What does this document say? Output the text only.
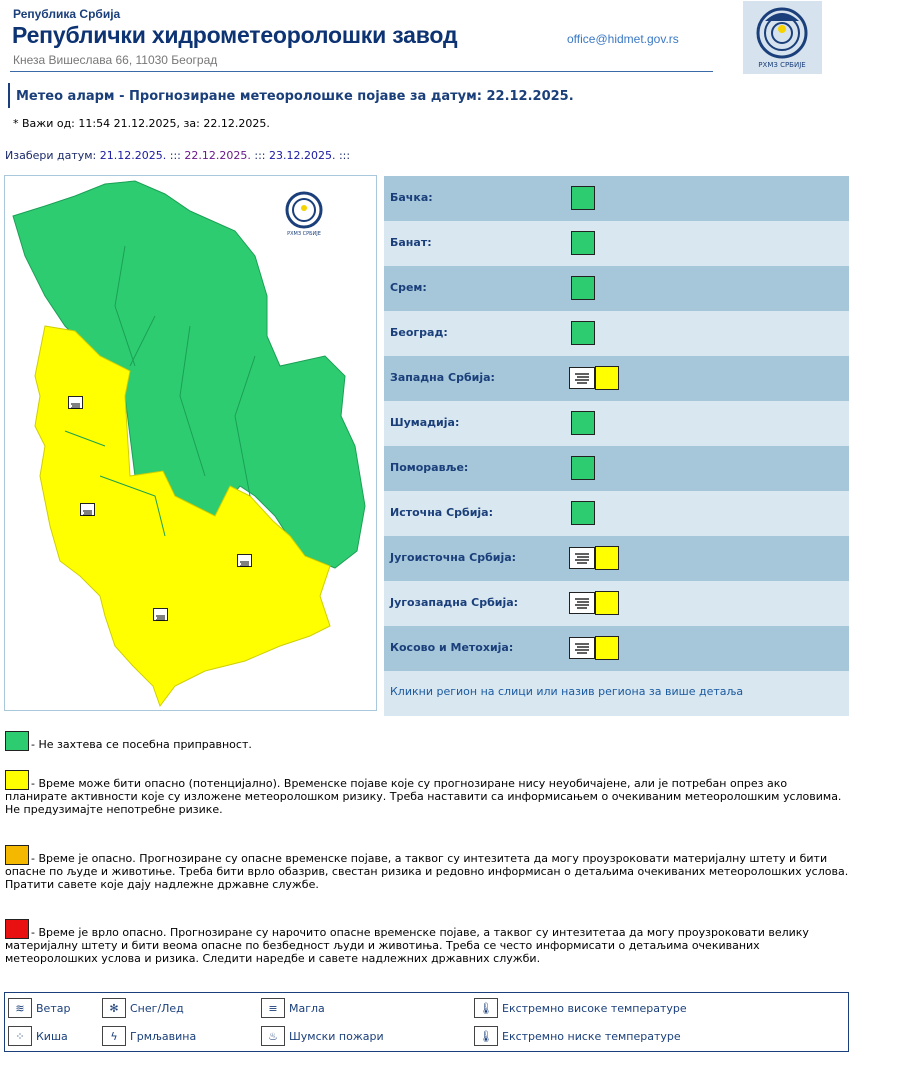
Република Србија
Републички хидрометеоролошки завод
Кнеза Вишеслава 66, 11030 Београд
office@hidmet.gov.rs
РХМЗ СРБИЈЕ
Метео аларм - Прогнозиране метеоролошке појаве за датум: 22.12.2025.
* Важи од: 11:54 21.12.2025, за: 22.12.2025.
Изабери датум: 21.12.2025. ::: 22.12.2025. ::: 23.12.2025. :::
РХМЗ СРБИЈЕ
Бачка:
Банат:
Срем:
Београд:
Западна Србија:
Шумадија:
Поморавље:
Источна Србија:
Југоисточна Србија:
Југозападна Србија:
Косово и Метохија:
Кликни регион на слици или назив региона за више детаља
- Не захтева се посебна приправност.
- Време може бити опасно (потенцијално). Временске појаве које су прогнозиране нису неуобичајене, али је потребан опрез ако планирате активности које су изложене метеоролошком ризику. Треба наставити са информисањем о очекиваним метеоролошким условима. Не предузимајте непотребне ризике.
- Време је опасно. Прогнозиране су опасне временске појаве, а таквог су интезитета да могу проузроковати материјалну штету и бити опасне по људе и животиње. Треба бити врло обазрив, свестан ризика и редовно информисан о детаљима очекиваних метеоролошких услова. Пратити савете које дају надлежне државне службе.
- Време је врло опасно. Прогнозиране су нарочито опасне временске појаве, а таквог су интезитетаа да могу проузроковати велику материјалну штету и бити веома опасне по безбедност људи и животиња. Треба се често информисати о детаљима очекиваних метеоролошких услова и ризика. Следити наредбе и савете надлежних државних служби.
≋	Ветар	✻	Снег/Лед	≡	Магла	🌡 Екстремно високе температуре
⁘	Киша	ϟ	Грмљавина	♨	Шумски пожари	🌡 Екстремно ниске температуре
